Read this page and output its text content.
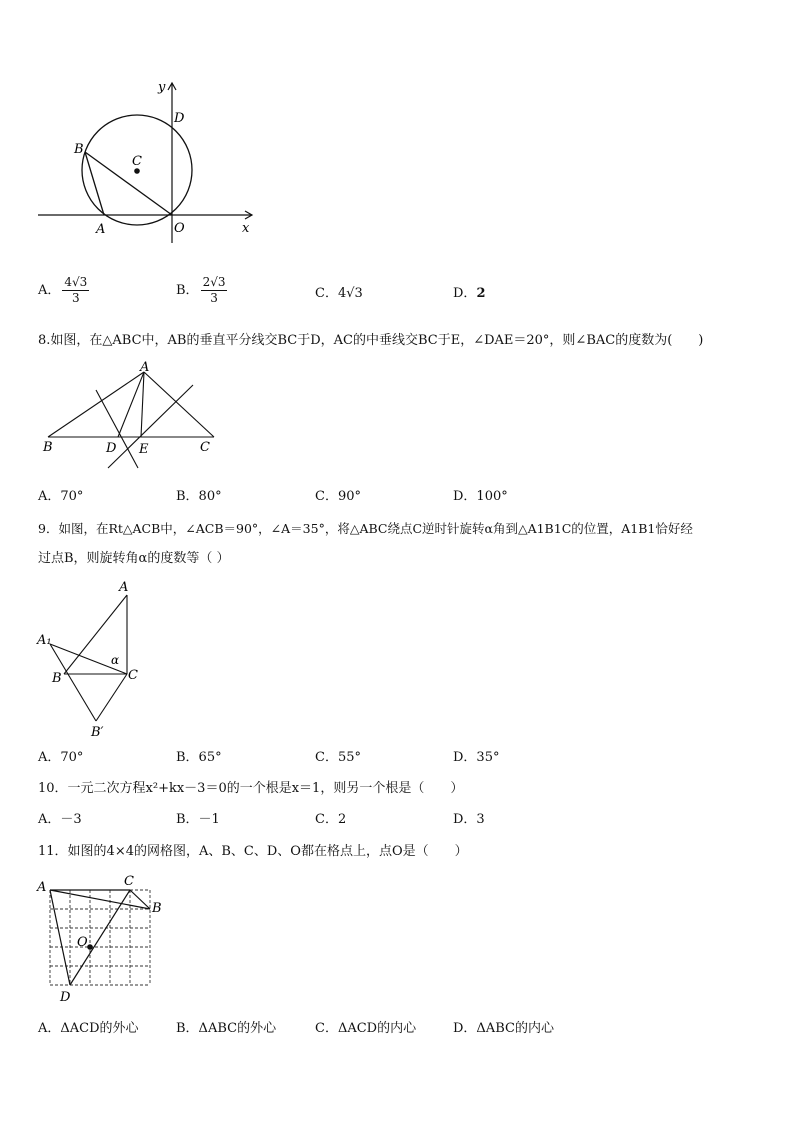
y
D
B
C
A	O	x
A． $\frac{4√3}{3}$	B． $\frac{2√3}{3}$	C．4√3	D．2
8.如图，在△ABC中，AB的垂直平分线交BC于D，AC的中垂线交BC于E，∠DAE＝20°，则∠BAC的度数为(　　)
A
B	D E	C
A．70°	B．80°	C．90°	D．100°
9．如图，在Rt△ACB中，∠ACB＝90°，∠A＝35°，将△ABC绕点C逆时针旋转α角到△A1B1C的位置，A1B1恰好经
过点B，则旋转角α的度数等（ ）
A
A₁
α
B	C
B′
A．70°	B．65°	C．55°	D．35°
10．一元二次方程x²+kx－3＝0的一个根是x＝1，则另一个根是（　　）
A．－3	B．－1	C．2	D．3
11．如图的4×4的网格图，A、B、C、D、O都在格点上，点O是（　　）
A	C
B
O
D
A．ΔACD的外心	B．ΔABC的外心	C．ΔACD的内心	D．ΔABC的内心
